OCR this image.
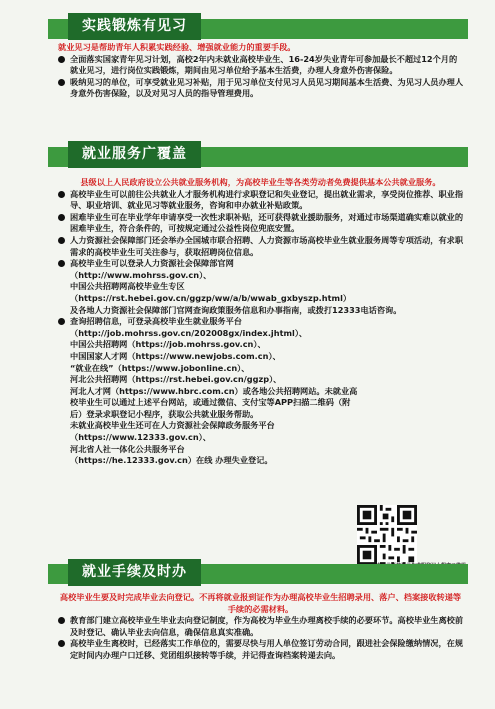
实践锻炼有见习
就业见习是帮助青年人积累实践经验、增强就业能力的重要手段。
全面落实国家青年见习计划，高校2年内未就业高校毕业生、16-24岁失业青年可参加最长不超过12个月的就业见习，进行岗位实践锻炼，期间由见习单位给予基本生活费，办理人身意外伤害保险。
吸纳见习的单位，可享受就业见习补贴，用于见习单位支付见习人员见习期间基本生活费、为见习人员办理人身意外伤害保险，以及对见习人员的指导管理费用。
就业服务广覆盖
县级以上人民政府设立公共就业服务机构，为高校毕业生等各类劳动者免费提供基本公共就业服务。
高校毕业生可以前往公共就业人才服务机构进行求职登记和失业登记，提出就业需求，享受岗位推荐、职业指导、职业培训、就业见习等就业服务，咨询和申办就业补贴政策。
困难毕业生可在毕业学年申请享受一次性求职补贴，还可获得就业援助服务，对通过市场渠道确实难以就业的困难毕业生，符合条件的，可按规定通过公益性岗位兜底安置。
人力资源社会保障部门还会举办全国城市联合招聘、人力资源市场高校毕业生就业服务周等专项活动，有求职需求的高校毕业生可关注参与，获取招聘岗位信息。
高校毕业生可以登录人力资源社会保障部官网
（http://www.mohrss.gov.cn）、
中国公共招聘网高校毕业生专区
（https://rst.hebei.gov.cn/ggzp/ww/a/b/wwab_gxbyszp.html）
及各地人力资源社会保障部门官网查询政策服务信息和办事指南，或拨打12333电话咨询。
查询招聘信息，可登录高校毕业生就业服务平台
（http://job.mohrss.gov.cn/202008gx/index.jhtml）、
中国公共招聘网（https://job.mohrss.gov.cn）、
中国国家人才网（https://www.newjobs.com.cn）、
“就业在线”（https://www.jobonline.cn）、
河北公共招聘网（https://rst.hebei.gov.cn/ggzp）、
河北人才网（https://www.hbrc.com.cn）或各地公共招聘网站。未就业高校毕业生可以通过上述平台网站，或通过微信、支付宝等APP扫描二维码（附后）登录求职登记小程序，获取公共就业服务帮助。
未就业高校毕业生还可在人力资源社会保障政务服务平台
（https://www.12333.gov.cn）、
河北省人社一体化公共服务平台
（https://he.12333.gov.cn）在线 办理失业登记。
就业手续及时办
高校毕业生要及时完成毕业去向登记。不再将就业报到证作为办理高校毕业生招聘录用、落户、档案接收转递等手续的必需材料。
教育部门建立高校毕业生毕业去向登记制度，作为高校为毕业生办理离校手续的必要环节。高校毕业生离校前及时登记、确认毕业去向信息，确保信息真实准确。
高校毕业生离校时，已经落实工作单位的，需要尽快与用人单位签订劳动合同，跟进社会保险缴纳情况，在规定时间内办理户口迁移、党团组织接转等手续，并记得查询档案转递去向。
